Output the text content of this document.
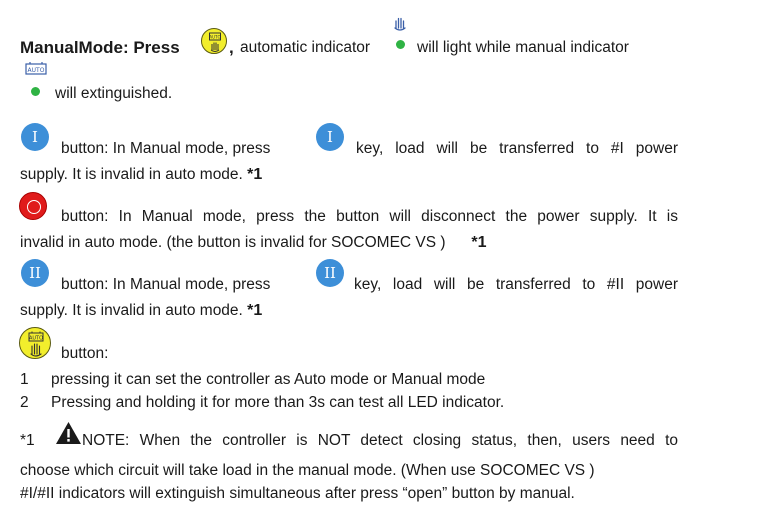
ManualMode: Press
AUTO
, automatic indicator	will light while manual indicator
AUTO
will extinguished.
I
button: In Manual mode, press
I
key, load will be transferred to #I power
supply. It is invalid in auto mode. *1
button: In Manual mode, press the button will disconnect the power supply. It is
invalid in auto mode. (the button is invalid for SOCOMEC VS ) *1
II
button: In Manual mode, press
II
key, load will be transferred to #II power
supply. It is invalid in auto mode. *1
AUTO
button:
1 pressing it can set the controller as Auto mode or Manual mode
2 Pressing and holding it for more than 3s can test all LED indicator.
*1	NOTE: When the controller is NOT detect closing status, then, users need to
choose which circuit will take load in the manual mode. (When use SOCOMEC VS )
#I/#II indicators will extinguish simultaneous after press “open” button by manual.
